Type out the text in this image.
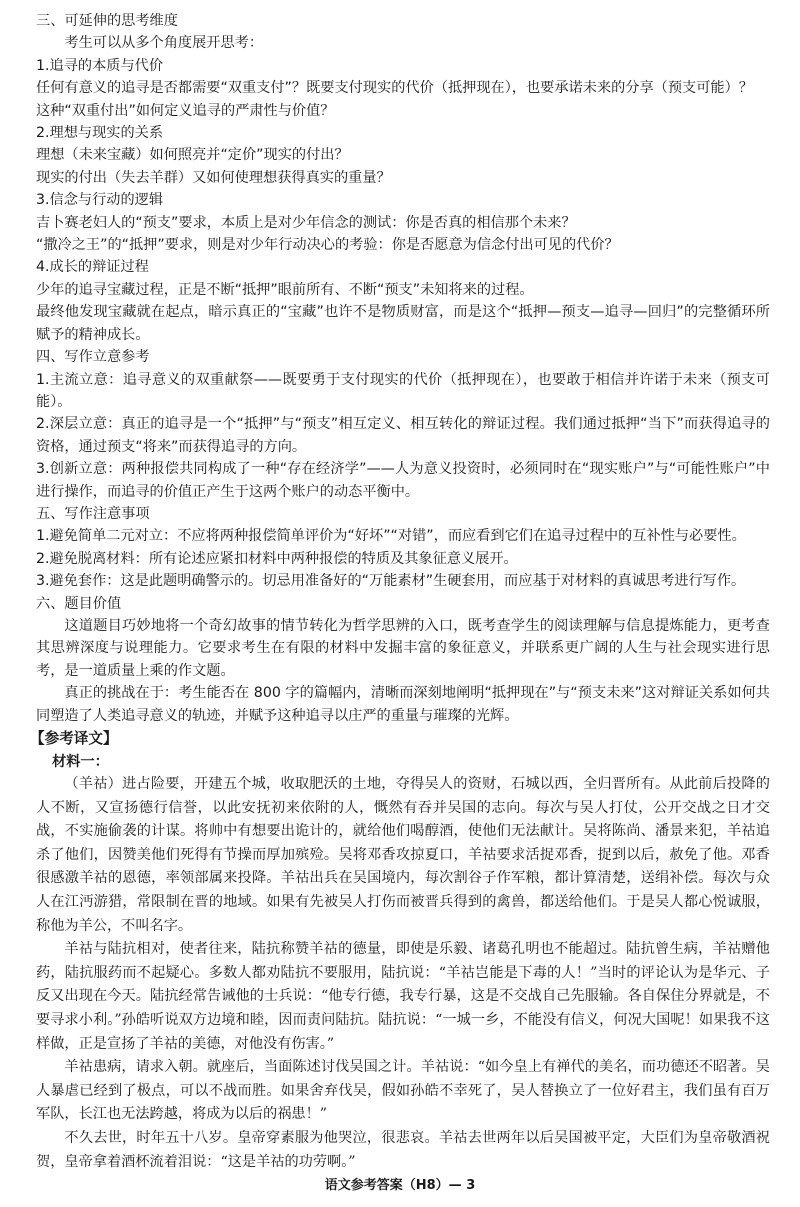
三、可延伸的思考维度

考生可以从多个角度展开思考：

1.追寻的本质与代价

任何有意义的追寻是否都需要“双重支付”？既要支付现实的代价（抵押现在），也要承诺未来的分享（预支可能）？

这种“双重付出”如何定义追寻的严肃性与价值？

2.理想与现实的关系

理想（未来宝藏）如何照亮并“定价”现实的付出？

现实的付出（失去羊群）又如何使理想获得真实的重量？

3.信念与行动的逻辑

吉卜赛老妇人的“预支”要求，本质上是对少年信念的测试：你是否真的相信那个未来？

“撒冷之王”的“抵押”要求，则是对少年行动决心的考验：你是否愿意为信念付出可见的代价？

4.成长的辩证过程

少年的追寻宝藏过程，正是不断“抵押”眼前所有、不断“预支”未知将来的过程。

最终他发现宝藏就在起点，暗示真正的“宝藏”也许不是物质财富，而是这个“抵押—预支—追寻—回归”的完整循环所赋予的精神成长。

四、写作立意参考

1.主流立意：追寻意义的双重献祭——既要勇于支付现实的代价（抵押现在），也要敢于相信并许诺于未来（预支可能）。

2.深层立意：真正的追寻是一个“抵押”与“预支”相互定义、相互转化的辩证过程。我们通过抵押“当下”而获得追寻的资格，通过预支“将来”而获得追寻的方向。

3.创新立意：两种报偿共同构成了一种“存在经济学”——人为意义投资时，必须同时在“现实账户”与“可能性账户”中进行操作，而追寻的价值正产生于这两个账户的动态平衡中。

五、写作注意事项

1.避免简单二元对立：不应将两种报偿简单评价为“好坏”“对错”，而应看到它们在追寻过程中的互补性与必要性。

2.避免脱离材料：所有论述应紧扣材料中两种报偿的特质及其象征意义展开。

3.避免套作：这是此题明确警示的。切忌用准备好的“万能素材”生硬套用，而应基于对材料的真诚思考进行写作。

六、题目价值

这道题目巧妙地将一个奇幻故事的情节转化为哲学思辨的入口，既考查学生的阅读理解与信息提炼能力，更考查其思辨深度与说理能力。它要求考生在有限的材料中发掘丰富的象征意义，并联系更广阔的人生与社会现实进行思考，是一道质量上乘的作文题。

真正的挑战在于：考生能否在 800 字的篇幅内，清晰而深刻地阐明“抵押现在”与“预支未来”这对辩证关系如何共同塑造了人类追寻意义的轨迹，并赋予这种追寻以庄严的重量与璀璨的光辉。

【参考译文】

材料一：

（羊祜）进占险要，开建五个城，收取肥沃的土地，夺得吴人的资财，石城以西，全归晋所有。从此前后投降的人不断，又宣扬德行信誉，以此安抚初来依附的人，慨然有吞并吴国的志向。每次与吴人打仗，公开交战之日才交战，不实施偷袭的计谋。将帅中有想要出诡计的，就给他们喝醇酒，使他们无法献计。吴将陈尚、潘景来犯，羊祜追杀了他们，因赞美他们死得有节操而厚加殡殓。吴将邓香攻掠夏口，羊祜要求活捉邓香，捉到以后，赦免了他。邓香很感激羊祜的恩德，率领部属来投降。羊祜出兵在吴国境内，每次割谷子作军粮，都计算清楚，送绢补偿。每次与众人在江沔游猎，常限制在晋的地域。如果有先被吴人打伤而被晋兵得到的禽兽，都送给他们。于是吴人都心悦诚服，称他为羊公，不叫名字。

羊祜与陆抗相对，使者往来，陆抗称赞羊祜的德量，即使是乐毅、诸葛孔明也不能超过。陆抗曾生病，羊祜赠他药，陆抗服药而不起疑心。多数人都劝陆抗不要服用，陆抗说：“羊祜岂能是下毒的人！”当时的评论认为是华元、子反又出现在今天。陆抗经常告诫他的士兵说：“他专行德，我专行暴，这是不交战自己先服输。各自保住分界就是，不要寻求小利。”孙皓听说双方边境和睦，因而责问陆抗。陆抗说：“一城一乡，不能没有信义，何况大国呢！如果我不这样做，正是宣扬了羊祜的美德，对他没有伤害。”

羊祜患病，请求入朝。就座后，当面陈述讨伐吴国之计。羊祜说：“如今皇上有禅代的美名，而功德还不昭著。吴人暴虐已经到了极点，可以不战而胜。如果舍弃伐吴，假如孙皓不幸死了，吴人替换立了一位好君主，我们虽有百万军队，长江也无法跨越，将成为以后的祸患！”

不久去世，时年五十八岁。皇帝穿素服为他哭泣，很悲哀。羊祜去世两年以后吴国被平定，大臣们为皇帝敬酒祝贺，皇帝拿着酒杯流着泪说：“这是羊祜的功劳啊。”

语文参考答案（H8）— 3
